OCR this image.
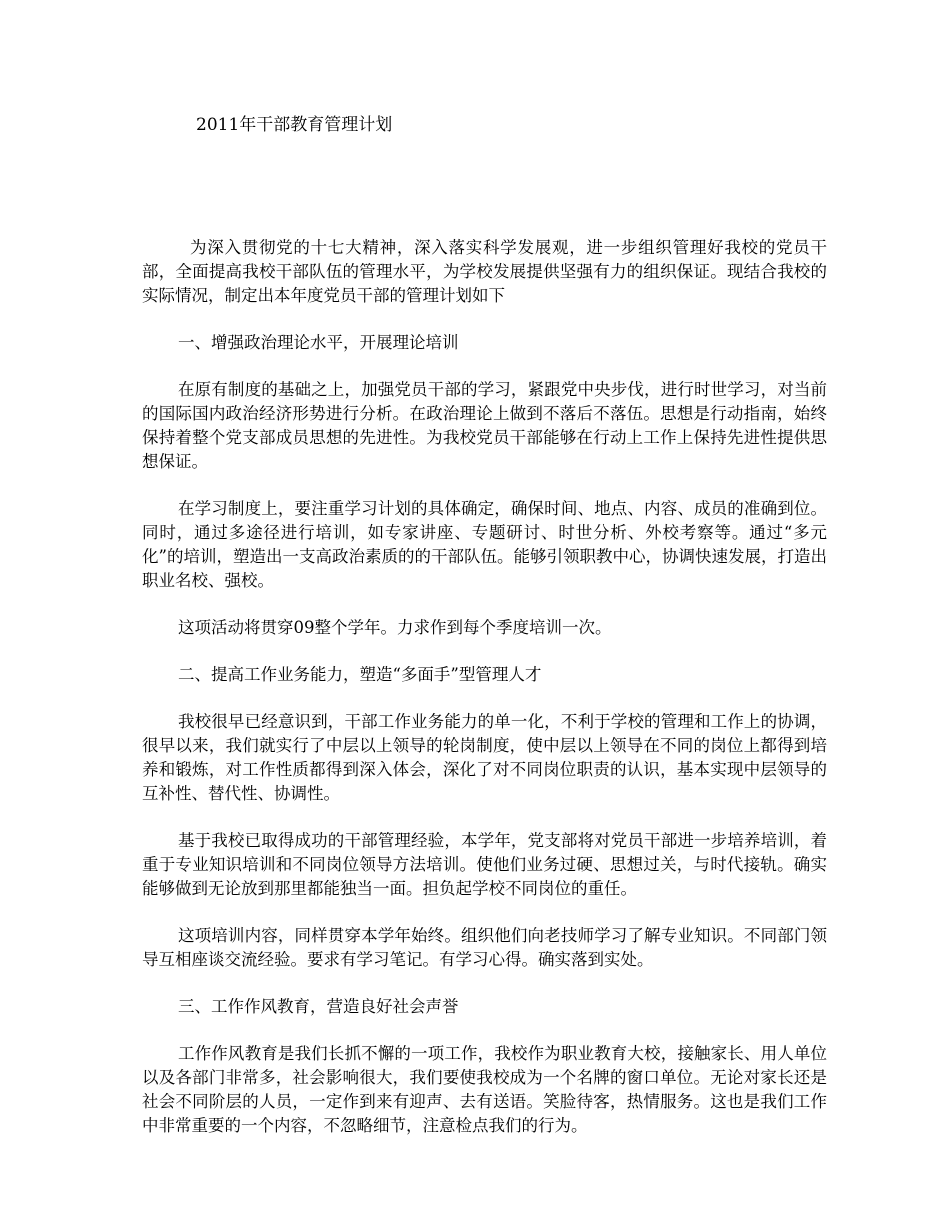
2011年干部教育管理计划

为深入贯彻党的十七大精神，深入落实科学发展观，进一步组织管理好我校的党员干部，全面提高我校干部队伍的管理水平，为学校发展提供坚强有力的组织保证。现结合我校的实际情况，制定出本年度党员干部的管理计划如下

一、增强政治理论水平，开展理论培训

在原有制度的基础之上，加强党员干部的学习，紧跟党中央步伐，进行时世学习，对当前的国际国内政治经济形势进行分析。在政治理论上做到不落后不落伍。思想是行动指南，始终保持着整个党支部成员思想的先进性。为我校党员干部能够在行动上工作上保持先进性提供思想保证。

在学习制度上，要注重学习计划的具体确定，确保时间、地点、内容、成员的准确到位。同时，通过多途径进行培训，如专家讲座、专题研讨、时世分析、外校考察等。通过“多元化”的培训，塑造出一支高政治素质的的干部队伍。能够引领职教中心，协调快速发展，打造出职业名校、强校。

这项活动将贯穿09整个学年。力求作到每个季度培训一次。

二、提高工作业务能力，塑造“多面手”型管理人才

我校很早已经意识到，干部工作业务能力的单一化，不利于学校的管理和工作上的协调，很早以来，我们就实行了中层以上领导的轮岗制度，使中层以上领导在不同的岗位上都得到培养和锻炼，对工作性质都得到深入体会，深化了对不同岗位职责的认识，基本实现中层领导的互补性、替代性、协调性。

基于我校已取得成功的干部管理经验，本学年，党支部将对党员干部进一步培养培训，着重于专业知识培训和不同岗位领导方法培训。使他们业务过硬、思想过关，与时代接轨。确实能够做到无论放到那里都能独当一面。担负起学校不同岗位的重任。

这项培训内容，同样贯穿本学年始终。组织他们向老技师学习了解专业知识。不同部门领导互相座谈交流经验。要求有学习笔记。有学习心得。确实落到实处。

三、工作作风教育，营造良好社会声誉

工作作风教育是我们长抓不懈的一项工作，我校作为职业教育大校，接触家长、用人单位以及各部门非常多，社会影响很大，我们要使我校成为一个名牌的窗口单位。无论对家长还是社会不同阶层的人员，一定作到来有迎声、去有送语。笑脸待客，热情服务。这也是我们工作中非常重要的一个内容，不忽略细节，注意检点我们的行为。
